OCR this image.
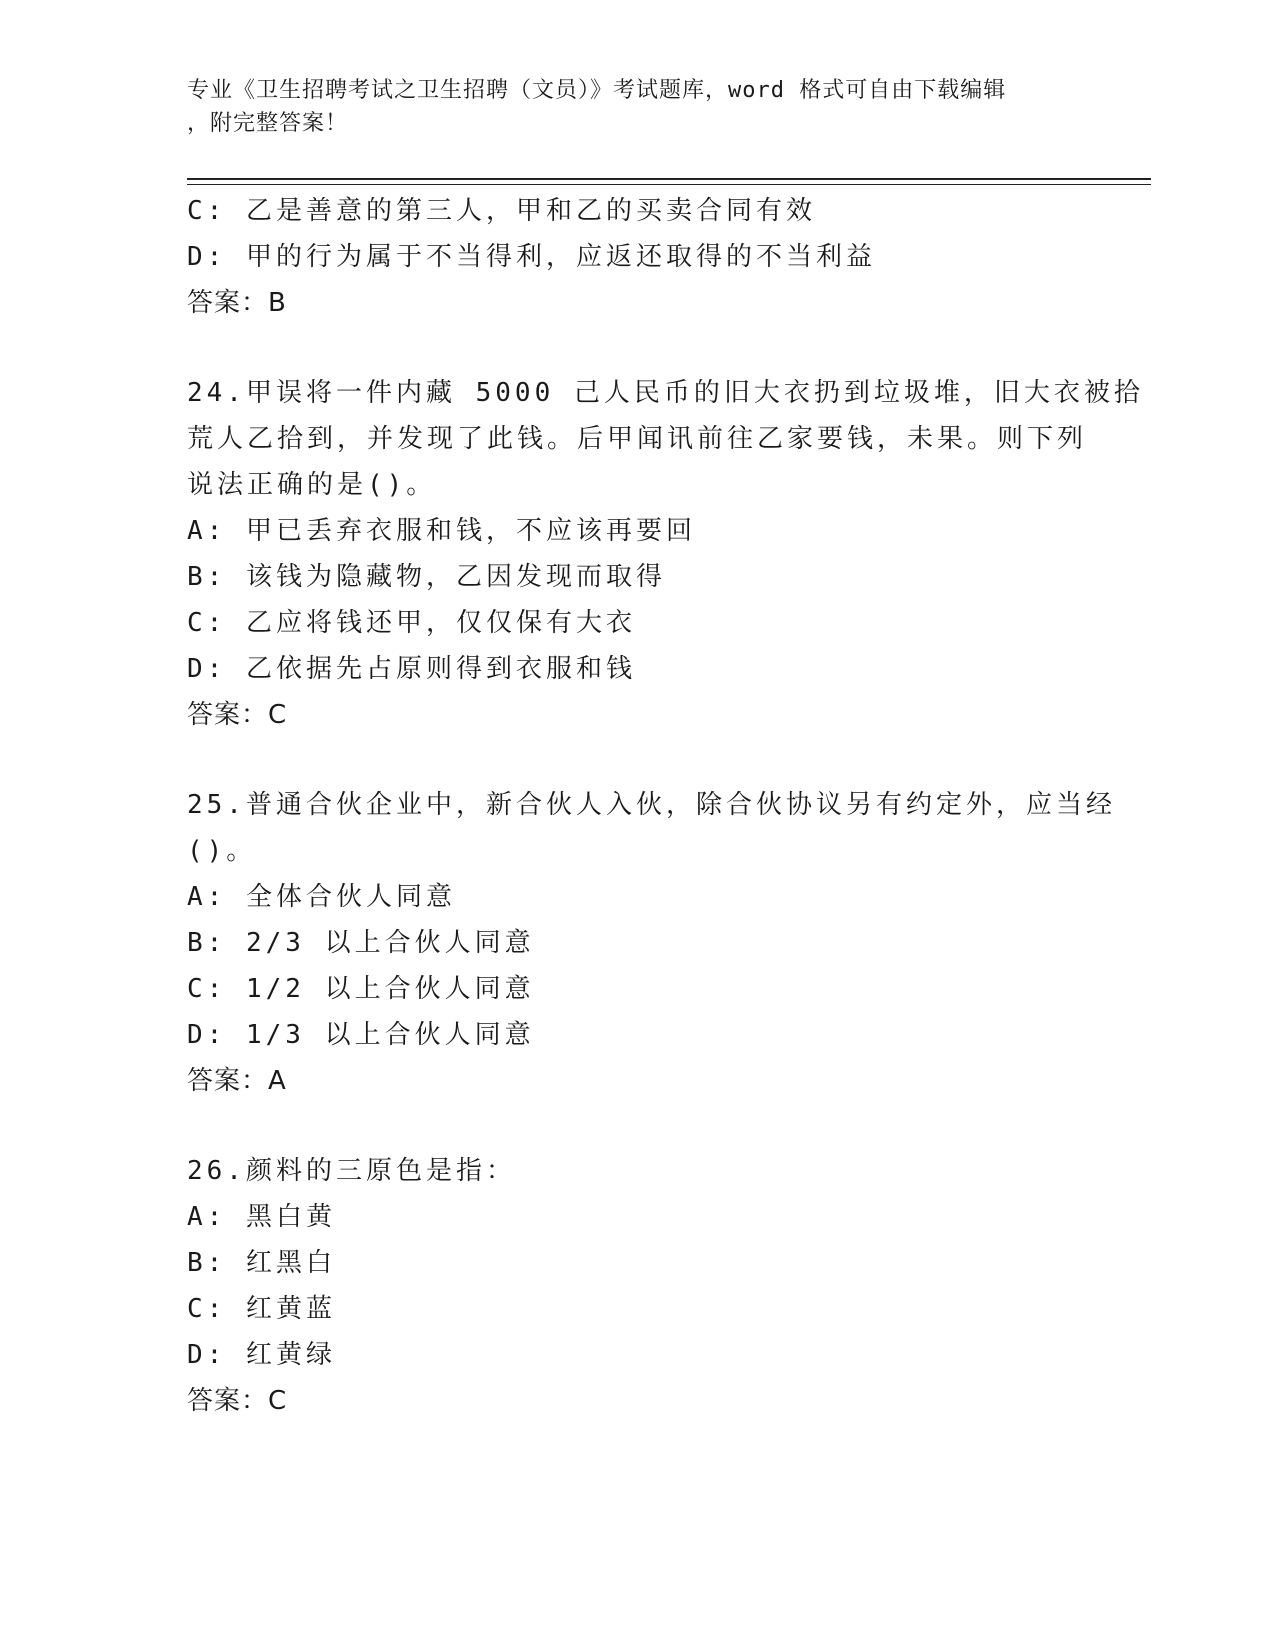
专业《卫生招聘考试之卫生招聘（文员）》考试题库，word 格式可自由下载编辑
，附完整答案！
C: 乙是善意的第三人，甲和乙的买卖合同有效
D: 甲的行为属于不当得利，应返还取得的不当利益
答案：B
24.甲误将一件内藏 5000 己人民币的旧大衣扔到垃圾堆，旧大衣被拾
荒人乙拾到，并发现了此钱。后甲闻讯前往乙家要钱，未果。则下列
说法正确的是()。
A: 甲已丢弃衣服和钱，不应该再要回
B: 该钱为隐藏物，乙因发现而取得
C: 乙应将钱还甲，仅仅保有大衣
D: 乙依据先占原则得到衣服和钱
答案：C
25.普通合伙企业中，新合伙人入伙，除合伙协议另有约定外，应当经
()。
A: 全体合伙人同意
B: 2/3 以上合伙人同意
C: 1/2 以上合伙人同意
D: 1/3 以上合伙人同意
答案：A
26.颜料的三原色是指：
A: 黑白黄
B: 红黑白
C: 红黄蓝
D: 红黄绿
答案：C
